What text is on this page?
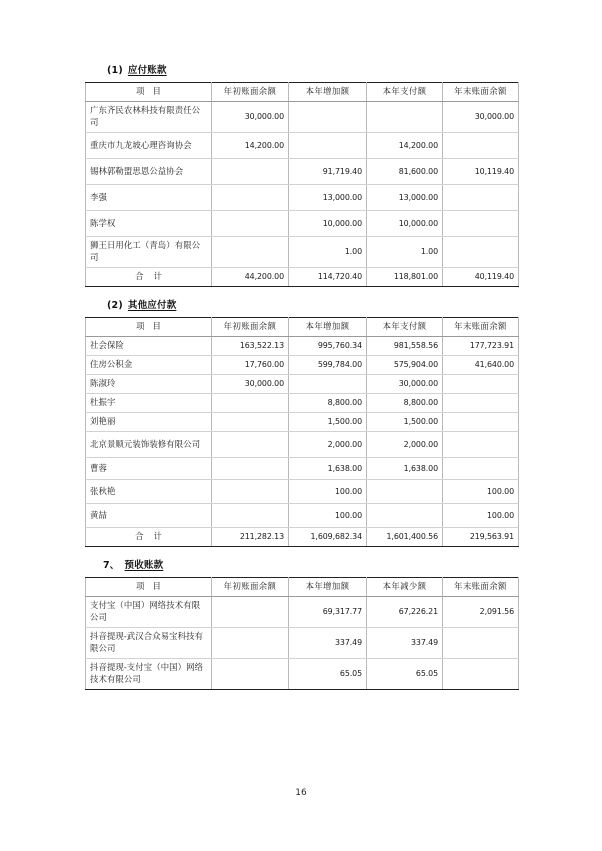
(1) 应付账款
项 目	年初账面余额	本年增加额	本年支付额	年末账面余额
广东齐民农林科技有限责任公司	30,000.00			30,000.00
重庆市九龙坡心理咨询协会	14,200.00		14,200.00	
锡林郭勒盟思恩公益协会		91,719.40	81,600.00	10,119.40
李强		13,000.00	13,000.00	
陈学权		10,000.00	10,000.00	
狮王日用化工（青岛）有限公司		1.00	1.00	
合 计	44,200.00	114,720.40	118,801.00	40,119.40
(2) 其他应付款
项 目	年初账面余额	本年增加额	本年支付额	年末账面余额
社会保险	163,522.13	995,760.34	981,558.56	177,723.91
住房公积金	17,760.00	599,784.00	575,904.00	41,640.00
陈淑玲	30,000.00		30,000.00	
杜振宇		8,800.00	8,800.00	
刘艳丽		1,500.00	1,500.00	
北京景顺元装饰装修有限公司		2,000.00	2,000.00	
曹蓉		1,638.00	1,638.00	
张秋艳		100.00		100.00
黄喆		100.00		100.00
合 计	211,282.13	1,609,682.34	1,601,400.56	219,563.91
7、 预收账款
项 目	年初账面余额	本年增加额	本年减少额	年末账面余额
支付宝（中国）网络技术有限公司		69,317.77	67,226.21	2,091.56
抖音提现-武汉合众易宝科技有限公司		337.49	337.49	
抖音提现-支付宝（中国）网络技术有限公司		65.05	65.05	
16
